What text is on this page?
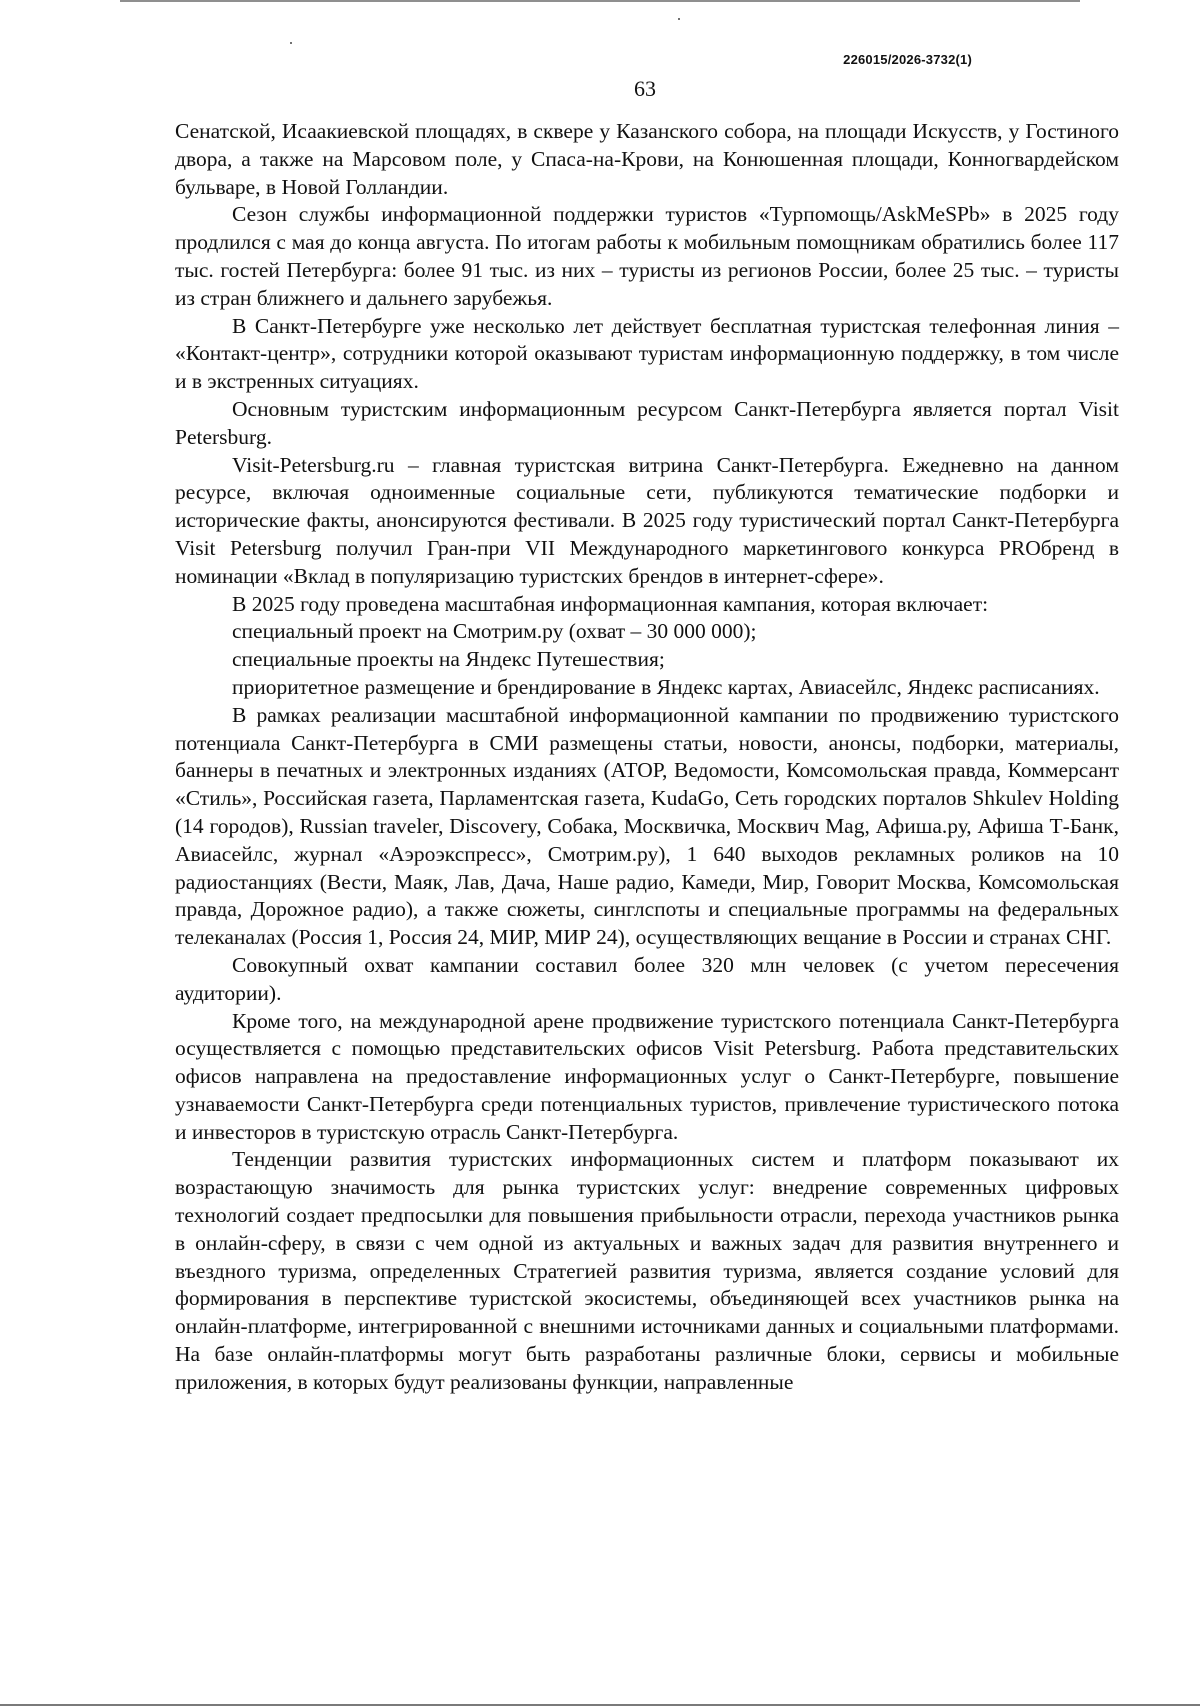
226015/2026-3732(1)
63

Сенатской, Исаакиевской площадях, в сквере у Казанского собора, на площади Искусств, у Гостиного двора, а также на Марсовом поле, у Спаса-на-Крови, на Конюшенная площади, Конногвардейском бульваре, в Новой Голландии.

Сезон службы информационной поддержки туристов «Турпомощь/AskMeSPb» в 2025 году продлился с мая до конца августа. По итогам работы к мобильным помощникам обратились более 117 тыс. гостей Петербурга: более 91 тыс. из них – туристы из регионов России, более 25 тыс. – туристы из стран ближнего и дальнего зарубежья.

В Санкт-Петербурге уже несколько лет действует бесплатная туристская телефонная линия – «Контакт-центр», сотрудники которой оказывают туристам информационную поддержку, в том числе и в экстренных ситуациях.

Основным туристским информационным ресурсом Санкт-Петербурга является портал Visit Petersburg.

Visit-Petersburg.ru – главная туристская витрина Санкт-Петербурга. Ежедневно на данном ресурсе, включая одноименные социальные сети, публикуются тематические подборки и исторические факты, анонсируются фестивали. В 2025 году туристический портал Санкт-Петербурга Visit Petersburg получил Гран-при VII Международного маркетингового конкурса PROбренд в номинации «Вклад в популяризацию туристских брендов в интернет-сфере».

В 2025 году проведена масштабная информационная кампания, которая включает:

специальный проект на Смотрим.ру (охват – 30 000 000);

специальные проекты на Яндекс Путешествия;

приоритетное размещение и брендирование в Яндекс картах, Авиасейлс, Яндекс расписаниях.

В рамках реализации масштабной информационной кампании по продвижению туристского потенциала Санкт-Петербурга в СМИ размещены статьи, новости, анонсы, подборки, материалы, баннеры в печатных и электронных изданиях (АТОР, Ведомости, Комсомольская правда, Коммерсант «Стиль», Российская газета, Парламентская газета, KudaGo, Сеть городских порталов Shkulev Holding (14 городов), Russian traveler, Discovery, Собака, Москвичка, Москвич Mag, Афиша.ру, Афиша Т-Банк, Авиасейлс, журнал «Аэроэкспресс», Смотрим.ру), 1 640 выходов рекламных роликов на 10 радиостанциях (Вести, Маяк, Лав, Дача, Наше радио, Камеди, Мир, Говорит Москва, Комсомольская правда, Дорожное радио), а также сюжеты, синглспоты и специальные программы на федеральных телеканалах (Россия 1, Россия 24, МИР, МИР 24), осуществляющих вещание в России и странах СНГ.

Совокупный охват кампании составил более 320 млн человек (с учетом пересечения аудитории).

Кроме того, на международной арене продвижение туристского потенциала Санкт-Петербурга осуществляется с помощью представительских офисов Visit Petersburg. Работа представительских офисов направлена на предоставление информационных услуг о Санкт-Петербурге, повышение узнаваемости Санкт-Петербурга среди потенциальных туристов, привлечение туристического потока и инвесторов в туристскую отрасль Санкт-Петербурга.

Тенденции развития туристских информационных систем и платформ показывают их возрастающую значимость для рынка туристских услуг: внедрение современных цифровых технологий создает предпосылки для повышения прибыльности отрасли, перехода участников рынка в онлайн-сферу, в связи с чем одной из актуальных и важных задач для развития внутреннего и въездного туризма, определенных Стратегией развития туризма, является создание условий для формирования в перспективе туристской экосистемы, объединяющей всех участников рынка на онлайн-платформе, интегрированной с внешними источниками данных и социальными платформами. На базе онлайн-платформы могут быть разработаны различные блоки, сервисы и мобильные приложения, в которых будут реализованы функции, направленные
